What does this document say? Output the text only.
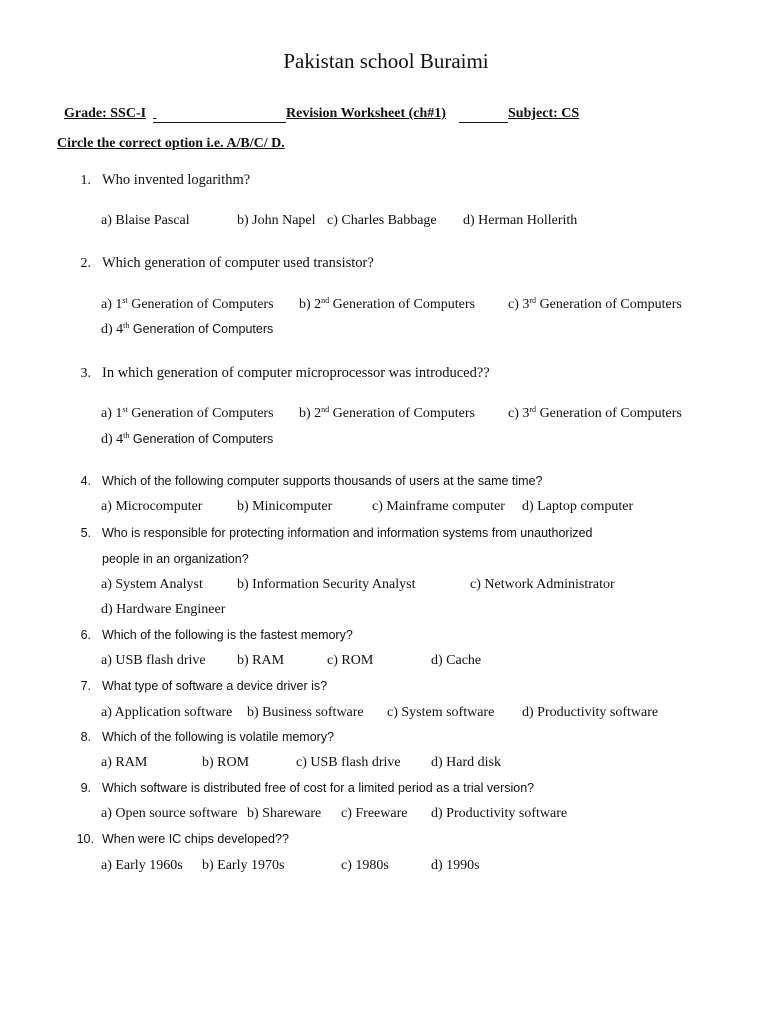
Pakistan school Buraimi
Grade: SSC-I
	Revision Worksheet (ch#1)	Subject: CS
Circle the correct option i.e. A/B/C/ D.
1. Who invented logarithm?
a) Blaise Pascal	b) John Napel c) Charles Babbage d) Herman Hollerith
2. Which generation of computer used transistor?
a) 1st Generation of Computers b) 2nd Generation of Computers c) 3rd Generation of Computers
d) 4th Generation of Computers
3. In which generation of computer microprocessor was introduced??
a) 1st Generation of Computers b) 2nd Generation of Computers c) 3rd Generation of Computers
d) 4th Generation of Computers
4. Which of the following computer supports thousands of users at the same time?
a) Microcomputer b) Minicomputer	c) Mainframe computer d) Laptop computer
5. Who is responsible for protecting information and information systems from unauthorized
people in an organization?
a) System Analyst b) Information Security Analyst	c) Network Administrator
d) Hardware Engineer
6. Which of the following is the fastest memory?
a) USB flash drive b) RAM	c) ROM	d) Cache
7. What type of software a device driver is?
a) Application software b) Business software c) System software d) Productivity software
8. Which of the following is volatile memory?
a) RAM	b) ROM	c) USB flash drive d) Hard disk
9. Which software is distributed free of cost for a limited period as a trial version?
a) Open source software b) Shareware c) Freeware d) Productivity software
10. When were IC chips developed??
a) Early 1960s b) Early 1970s	c) 1980s	d) 1990s
